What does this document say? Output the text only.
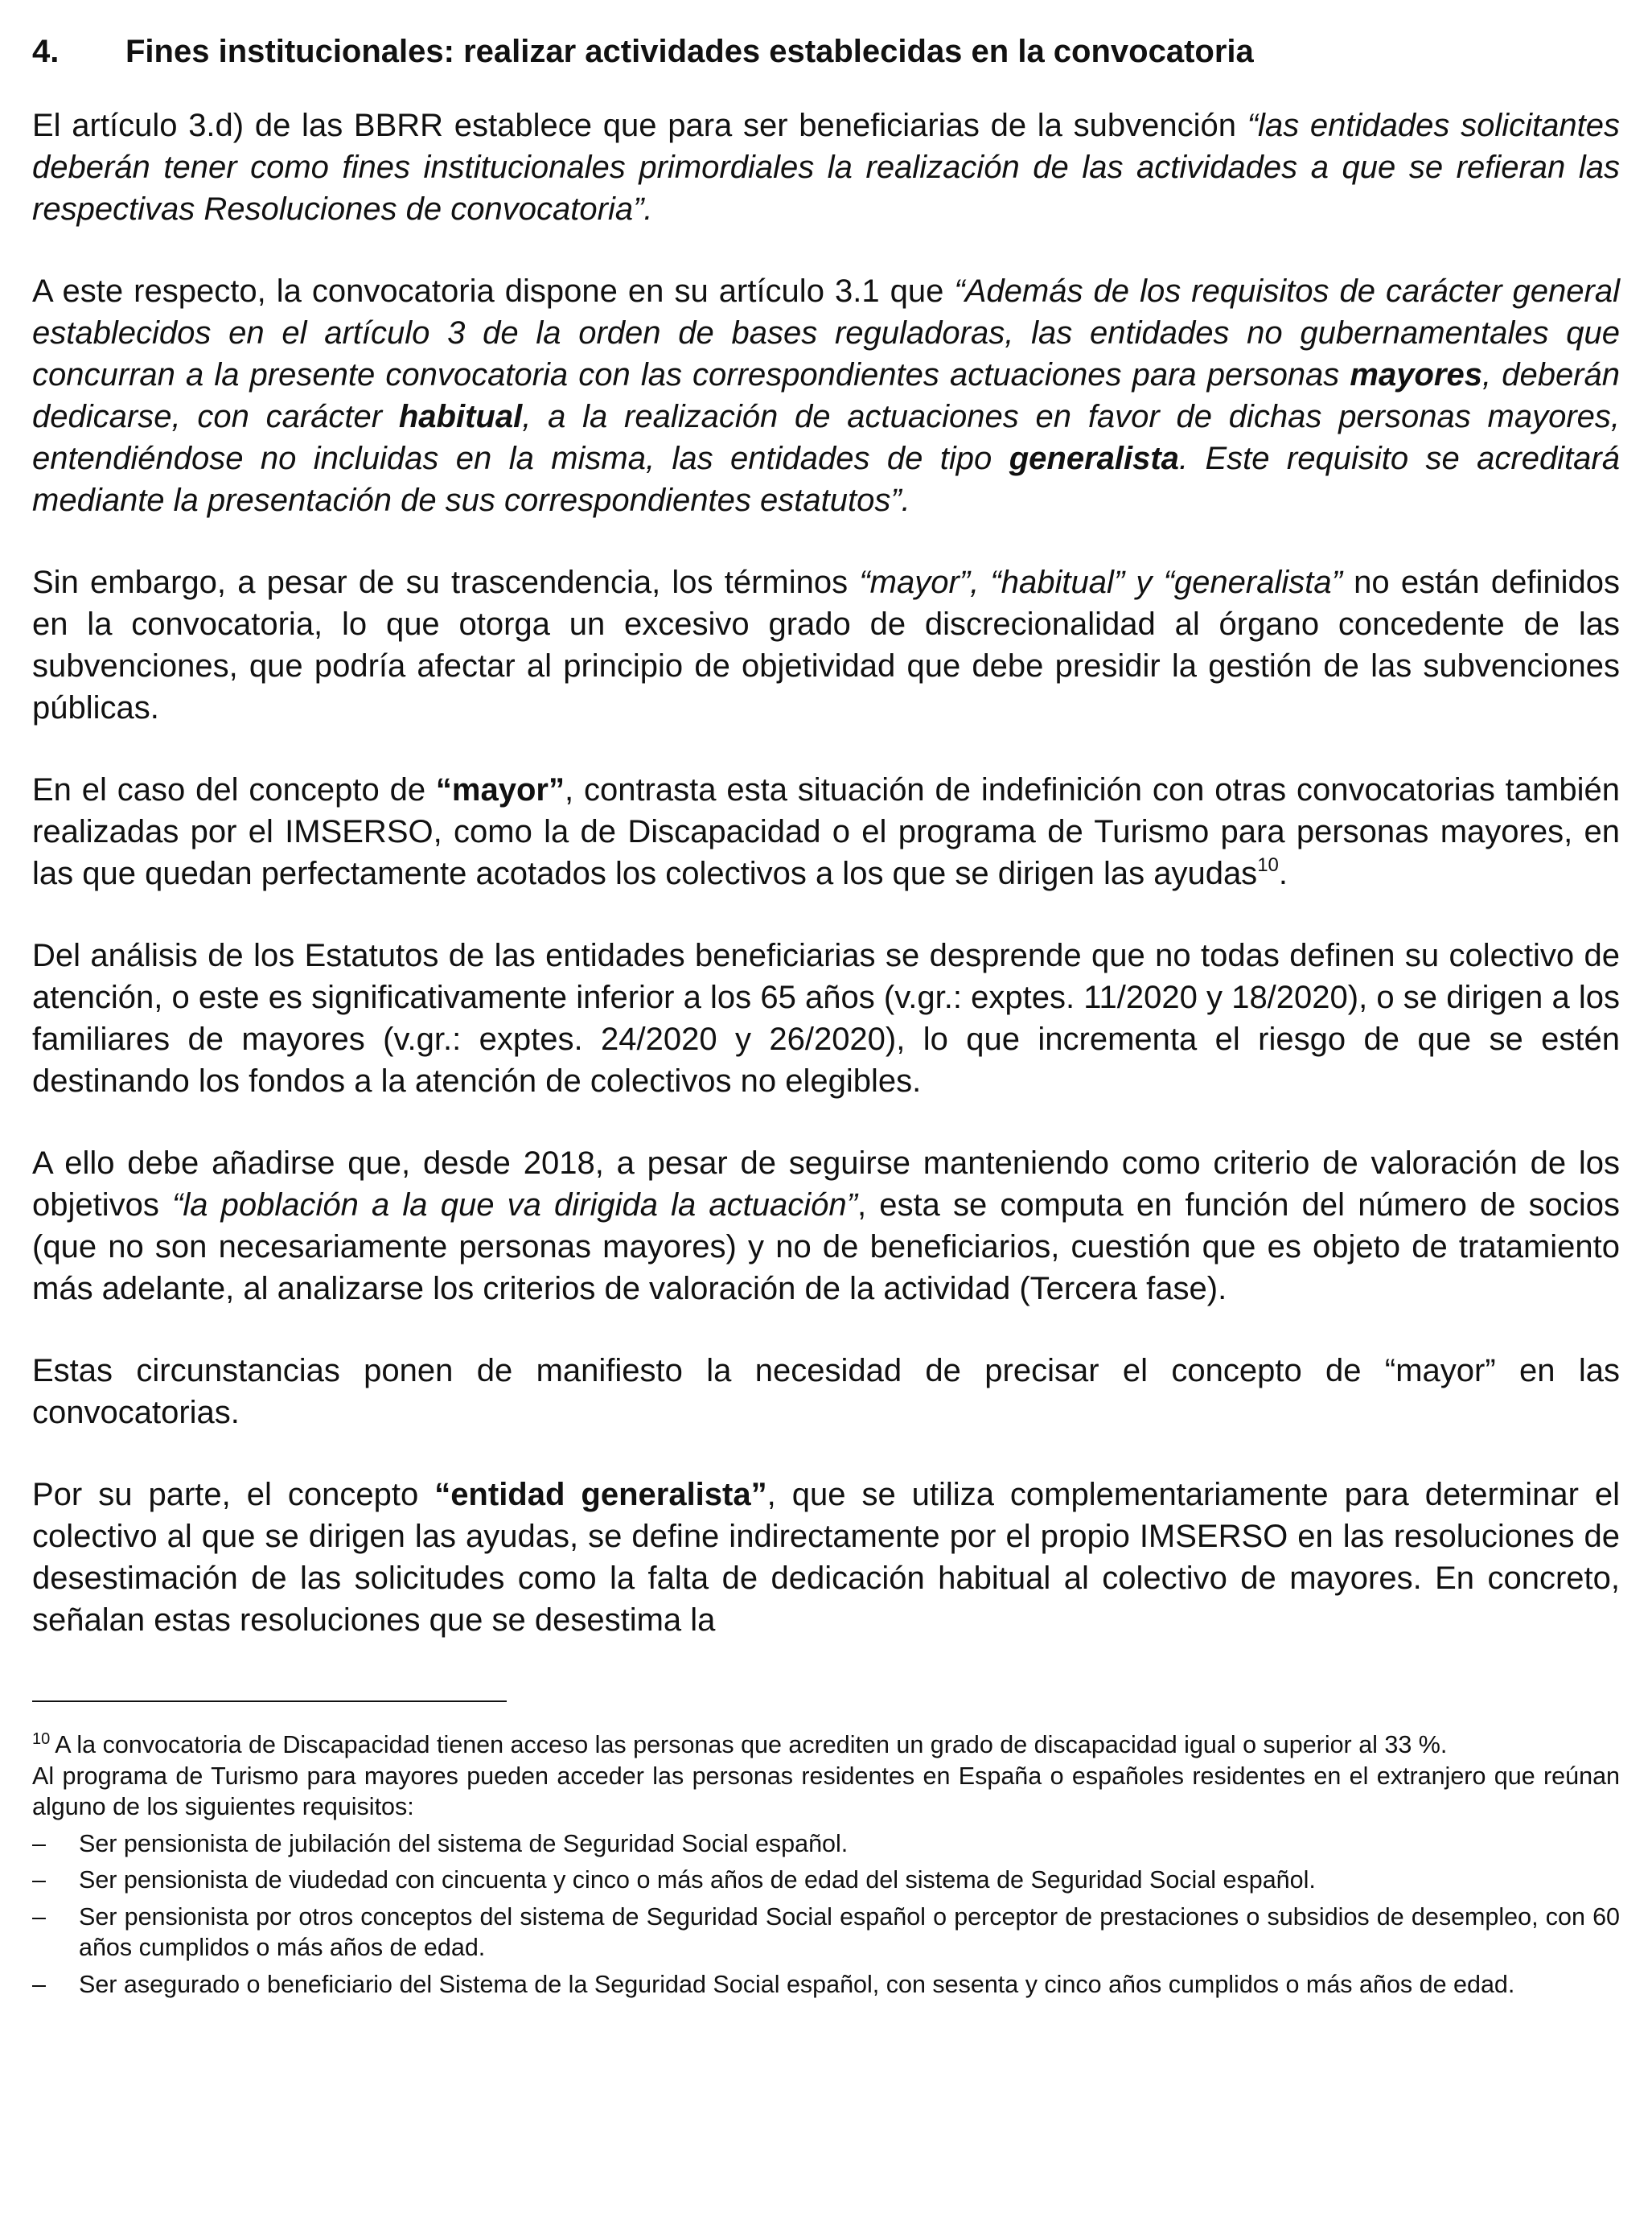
4.	Fines institucionales: realizar actividades establecidas en la convocatoria

El artículo 3.d) de las BBRR establece que para ser beneficiarias de la subvención “las entidades solicitantes deberán tener como fines institucionales primordiales la realización de las actividades a que se refieran las respectivas Resoluciones de convocatoria”.

A este respecto, la convocatoria dispone en su artículo 3.1 que “Además de los requisitos de carácter general establecidos en el artículo 3 de la orden de bases reguladoras, las entidades no gubernamentales que concurran a la presente convocatoria con las correspondientes actuaciones para personas mayores, deberán dedicarse, con carácter habitual, a la realización de actuaciones en favor de dichas personas mayores, entendiéndose no incluidas en la misma, las entidades de tipo generalista. Este requisito se acreditará mediante la presentación de sus correspondientes estatutos”.

Sin embargo, a pesar de su trascendencia, los términos “mayor”, “habitual” y “generalista” no están definidos en la convocatoria, lo que otorga un excesivo grado de discrecionalidad al órgano concedente de las subvenciones, que podría afectar al principio de objetividad que debe presidir la gestión de las subvenciones públicas.

En el caso del concepto de “mayor”, contrasta esta situación de indefinición con otras convocatorias también realizadas por el IMSERSO, como la de Discapacidad o el programa de Turismo para personas mayores, en las que quedan perfectamente acotados los colectivos a los que se dirigen las ayudas$^{10}$.

Del análisis de los Estatutos de las entidades beneficiarias se desprende que no todas definen su colectivo de atención, o este es significativamente inferior a los 65 años (v.gr.: exptes. 11/2020 y 18/2020), o se dirigen a los familiares de mayores (v.gr.: exptes. 24/2020 y 26/2020), lo que incrementa el riesgo de que se estén destinando los fondos a la atención de colectivos no elegibles.

A ello debe añadirse que, desde 2018, a pesar de seguirse manteniendo como criterio de valoración de los objetivos “la población a la que va dirigida la actuación”, esta se computa en función del número de socios (que no son necesariamente personas mayores) y no de beneficiarios, cuestión que es objeto de tratamiento más adelante, al analizarse los criterios de valoración de la actividad (Tercera fase).

Estas circunstancias ponen de manifiesto la necesidad de precisar el concepto de “mayor” en las convocatorias.

Por su parte, el concepto “entidad generalista”, que se utiliza complementariamente para determinar el colectivo al que se dirigen las ayudas, se define indirectamente por el propio IMSERSO en las resoluciones de desestimación de las solicitudes como la falta de dedicación habitual al colectivo de mayores. En concreto, señalan estas resoluciones que se desestima la

$^{10}$ A la convocatoria de Discapacidad tienen acceso las personas que acrediten un grado de discapacidad igual o superior al 33 %.

Al programa de Turismo para mayores pueden acceder las personas residentes en España o españoles residentes en el extranjero que reúnan alguno de los siguientes requisitos:

–	Ser pensionista de jubilación del sistema de Seguridad Social español.
–	Ser pensionista de viudedad con cincuenta y cinco o más años de edad del sistema de Seguridad Social español.
–	Ser pensionista por otros conceptos del sistema de Seguridad Social español o perceptor de prestaciones o subsidios de desempleo, con 60 años cumplidos o más años de edad.
–	Ser asegurado o beneficiario del Sistema de la Seguridad Social español, con sesenta y cinco años cumplidos o más años de edad.
